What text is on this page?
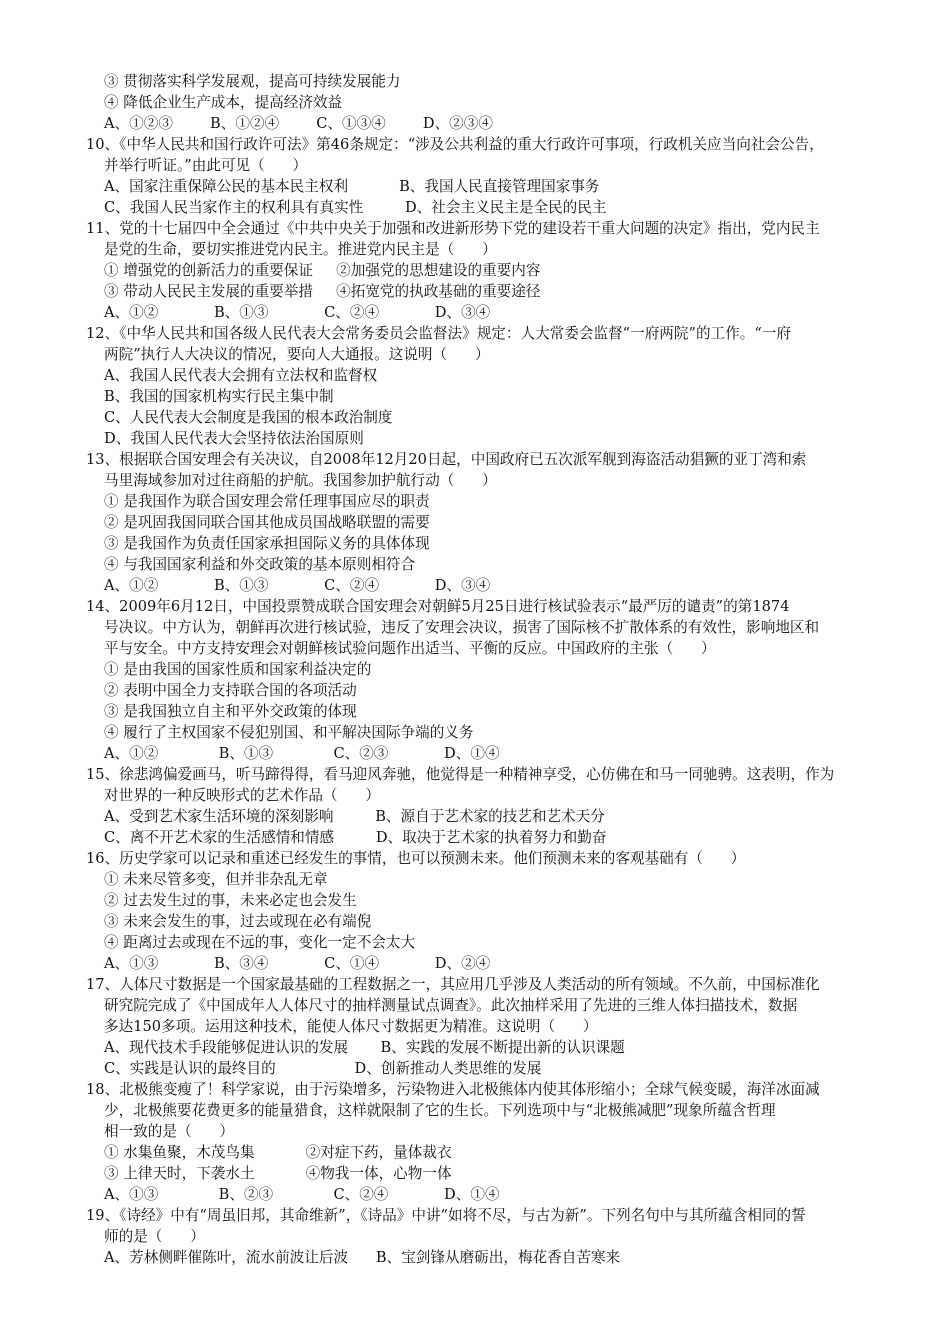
③ 贯彻落实科学发展观，提高可持续发展能力
④ 降低企业生产成本，提高经济效益
A、①②③        B、①②④        C、①③④        D、②③④
10、《中华人民共和国行政许可法》第46条规定：“涉及公共利益的重大行政许可事项，行政机关应当向社会公告，
并举行听证。”由此可见（      ）
A、国家注重保障公民的基本民主权利           B、我国人民直接管理国家事务
C、我国人民当家作主的权利具有真实性         D、社会主义民主是全民的民主
11、党的十七届四中全会通过《中共中央关于加强和改进新形势下党的建设若干重大问题的决定》指出，党内民主
是党的生命，要切实推进党内民主。推进党内民主是（      ）
① 增强党的创新活力的重要保证     ②加强党的思想建设的重要内容
③ 带动人民民主发展的重要举措     ④拓宽党的执政基础的重要途径
A、①②            B、①③            C、②④            D、③④
12、《中华人民共和国各级人民代表大会常务委员会监督法》规定：人大常委会监督“一府两院”的工作。“一府
两院”执行人大决议的情况，要向人大通报。这说明（      ）
A、我国人民代表大会拥有立法权和监督权
B、我国的国家机构实行民主集中制
C、人民代表大会制度是我国的根本政治制度
D、我国人民代表大会坚持依法治国原则
13、根据联合国安理会有关决议，自2008年12月20日起，中国政府已五次派军舰到海盗活动猖獗的亚丁湾和索
马里海域参加对过往商船的护航。我国参加护航行动（      ）
① 是我国作为联合国安理会常任理事国应尽的职责
② 是巩固我国同联合国其他成员国战略联盟的需要
③ 是我国作为负责任国家承担国际义务的具体体现
④ 与我国国家利益和外交政策的基本原则相符合
A、①②            B、①③            C、②④            D、③④
14、2009年6月12日，中国投票赞成联合国安理会对朝鲜5月25日进行核试验表示“最严厉的谴责”的第1874
号决议。中方认为，朝鲜再次进行核试验，违反了安理会决议，损害了国际核不扩散体系的有效性，影响地区和
平与安全。中方支持安理会对朝鲜核试验问题作出适当、平衡的反应。中国政府的主张（      ）
① 是由我国的国家性质和国家利益决定的
② 表明中国全力支持联合国的各项活动
③ 是我国独立自主和平外交政策的体现
④ 履行了主权国家不侵犯别国、和平解决国际争端的义务
A、①②             B、①③             C、②③            D、①④
15、徐悲鸿偏爱画马，听马蹄得得，看马迎风奔驰，他觉得是一种精神享受，心仿佛在和马一同驰骋。这表明，作为
对世界的一种反映形式的艺术作品（      ）
A、受到艺术家生活环境的深刻影响         B、源自于艺术家的技艺和艺术天分
C、离不开艺术家的生活感情和情感         D、取决于艺术家的执着努力和勤奋
16、历史学家可以记录和重述已经发生的事情，也可以预测未来。他们预测未来的客观基础有（      ）
① 未来尽管多变，但并非杂乱无章
② 过去发生过的事，未来必定也会发生
③ 未来会发生的事，过去或现在必有端倪
④ 距离过去或现在不远的事，变化一定不会太大
A、①③            B、③④            C、①④            D、②④
17、人体尺寸数据是一个国家最基础的工程数据之一，其应用几乎涉及人类活动的所有领域。不久前，中国标准化
研究院完成了《中国成年人人体尺寸的抽样测量试点调查》。此次抽样采用了先进的三维人体扫描技术，数据
多达150多项。运用这种技术，能使人体尺寸数据更为精准。这说明（      ）
A、现代技术手段能够促进认识的发展       B、实践的发展不断提出新的认识课题
C、实践是认识的最终目的                 D、创新推动人类思维的发展
18、北极熊变瘦了！科学家说，由于污染增多，污染物进入北极熊体内使其体形缩小；全球气候变暖，海洋冰面减
少，北极熊要花费更多的能量猎食，这样就限制了它的生长。下列选项中与“北极熊减肥”现象所蕴含哲理
相一致的是（      ）
① 水集鱼聚，木茂鸟集           ②对症下药，量体裁衣
③ 上律天时，下袭水土           ④物我一体，心物一体
A、①③             B、②③             C、②④            D、①④
19、《诗经》中有“周虽旧邦，其命维新”，《诗品》中讲“如将不尽，与古为新”。下列名句中与其所蕴含相同的誓
师的是（      ）
A、芳林侧畔催陈叶，流水前波让后波      B、宝剑锋从磨砺出，梅花香自苦寒来
